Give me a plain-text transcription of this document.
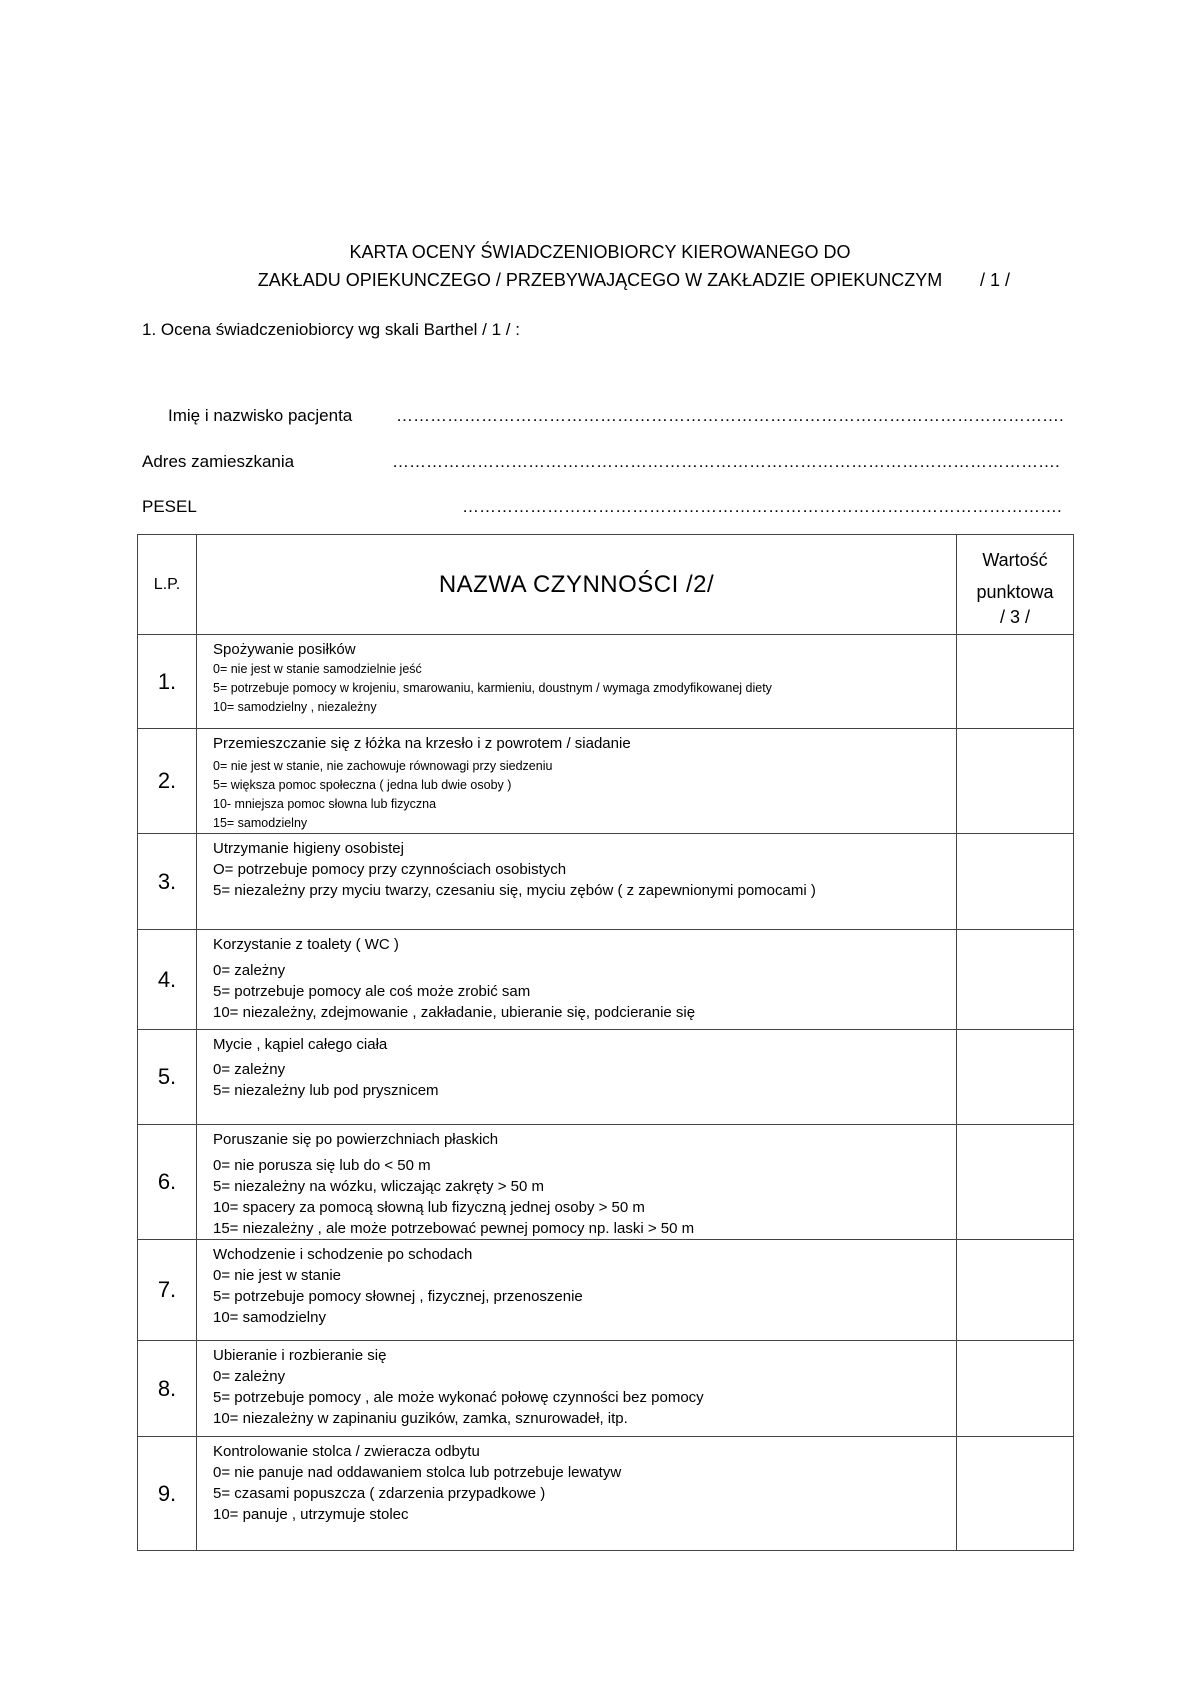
KARTA OCENY ŚWIADCZENIOBIORCY KIEROWANEGO DO
ZAKŁADU OPIEKUNCZEGO / PRZEBYWAJĄCEGO W ZAKŁADZIE OPIEKUNCZYM / 1 /
1. Ocena świadczeniobiorcy wg skali Barthel / 1 / :
Imię i nazwisko pacjenta	……………………………………………………………………………………………………….
Adres zamieszkania	……………………………………………………………………………………………………….
PESEL	…………………………………………………………………………………………….
L.P.	NAZWA CZYNNOŚCI /2/	Wartość
punktowa
/ 3 /

1.	Spożywanie posiłków
0= nie jest w stanie samodzielnie jeść
5= potrzebuje pomocy w krojeniu, smarowaniu, karmieniu, doustnym / wymaga zmodyfikowanej diety
10= samodzielny , niezależny	

2.	Przemieszczanie się z łóżka na krzesło i z powrotem / siadanie
0= nie jest w stanie, nie zachowuje równowagi przy siedzeniu
5= większa pomoc społeczna ( jedna lub dwie osoby )
10- mniejsza pomoc słowna lub fizyczna
15= samodzielny	

3.	Utrzymanie higieny osobistej
O= potrzebuje pomocy przy czynnościach osobistych
5= niezależny przy myciu twarzy, czesaniu się, myciu zębów ( z zapewnionymi pomocami )	

4.	Korzystanie z toalety ( WC )
0= zależny
5= potrzebuje pomocy ale coś może zrobić sam
10= niezależny, zdejmowanie , zakładanie, ubieranie się, podcieranie się	

5.	Mycie , kąpiel całego ciała
0= zależny
5= niezależny lub pod prysznicem	

6.	Poruszanie się po powierzchniach płaskich
0= nie porusza się lub do < 50 m
5= niezależny na wózku, wliczając zakręty > 50 m
10= spacery za pomocą słowną lub fizyczną jednej osoby > 50 m
15= niezależny , ale może potrzebować pewnej pomocy np. laski > 50 m	

7.	Wchodzenie i schodzenie po schodach
0= nie jest w stanie
5= potrzebuje pomocy słownej , fizycznej, przenoszenie
10= samodzielny	

8.	Ubieranie i rozbieranie się
0= zależny
5= potrzebuje pomocy , ale może wykonać połowę czynności bez pomocy
10= niezależny w zapinaniu guzików, zamka, sznurowadeł, itp.	

9.	Kontrolowanie stolca / zwieracza odbytu
0= nie panuje nad oddawaniem stolca lub potrzebuje lewatyw
5= czasami popuszcza ( zdarzenia przypadkowe )
10= panuje , utrzymuje stolec	
